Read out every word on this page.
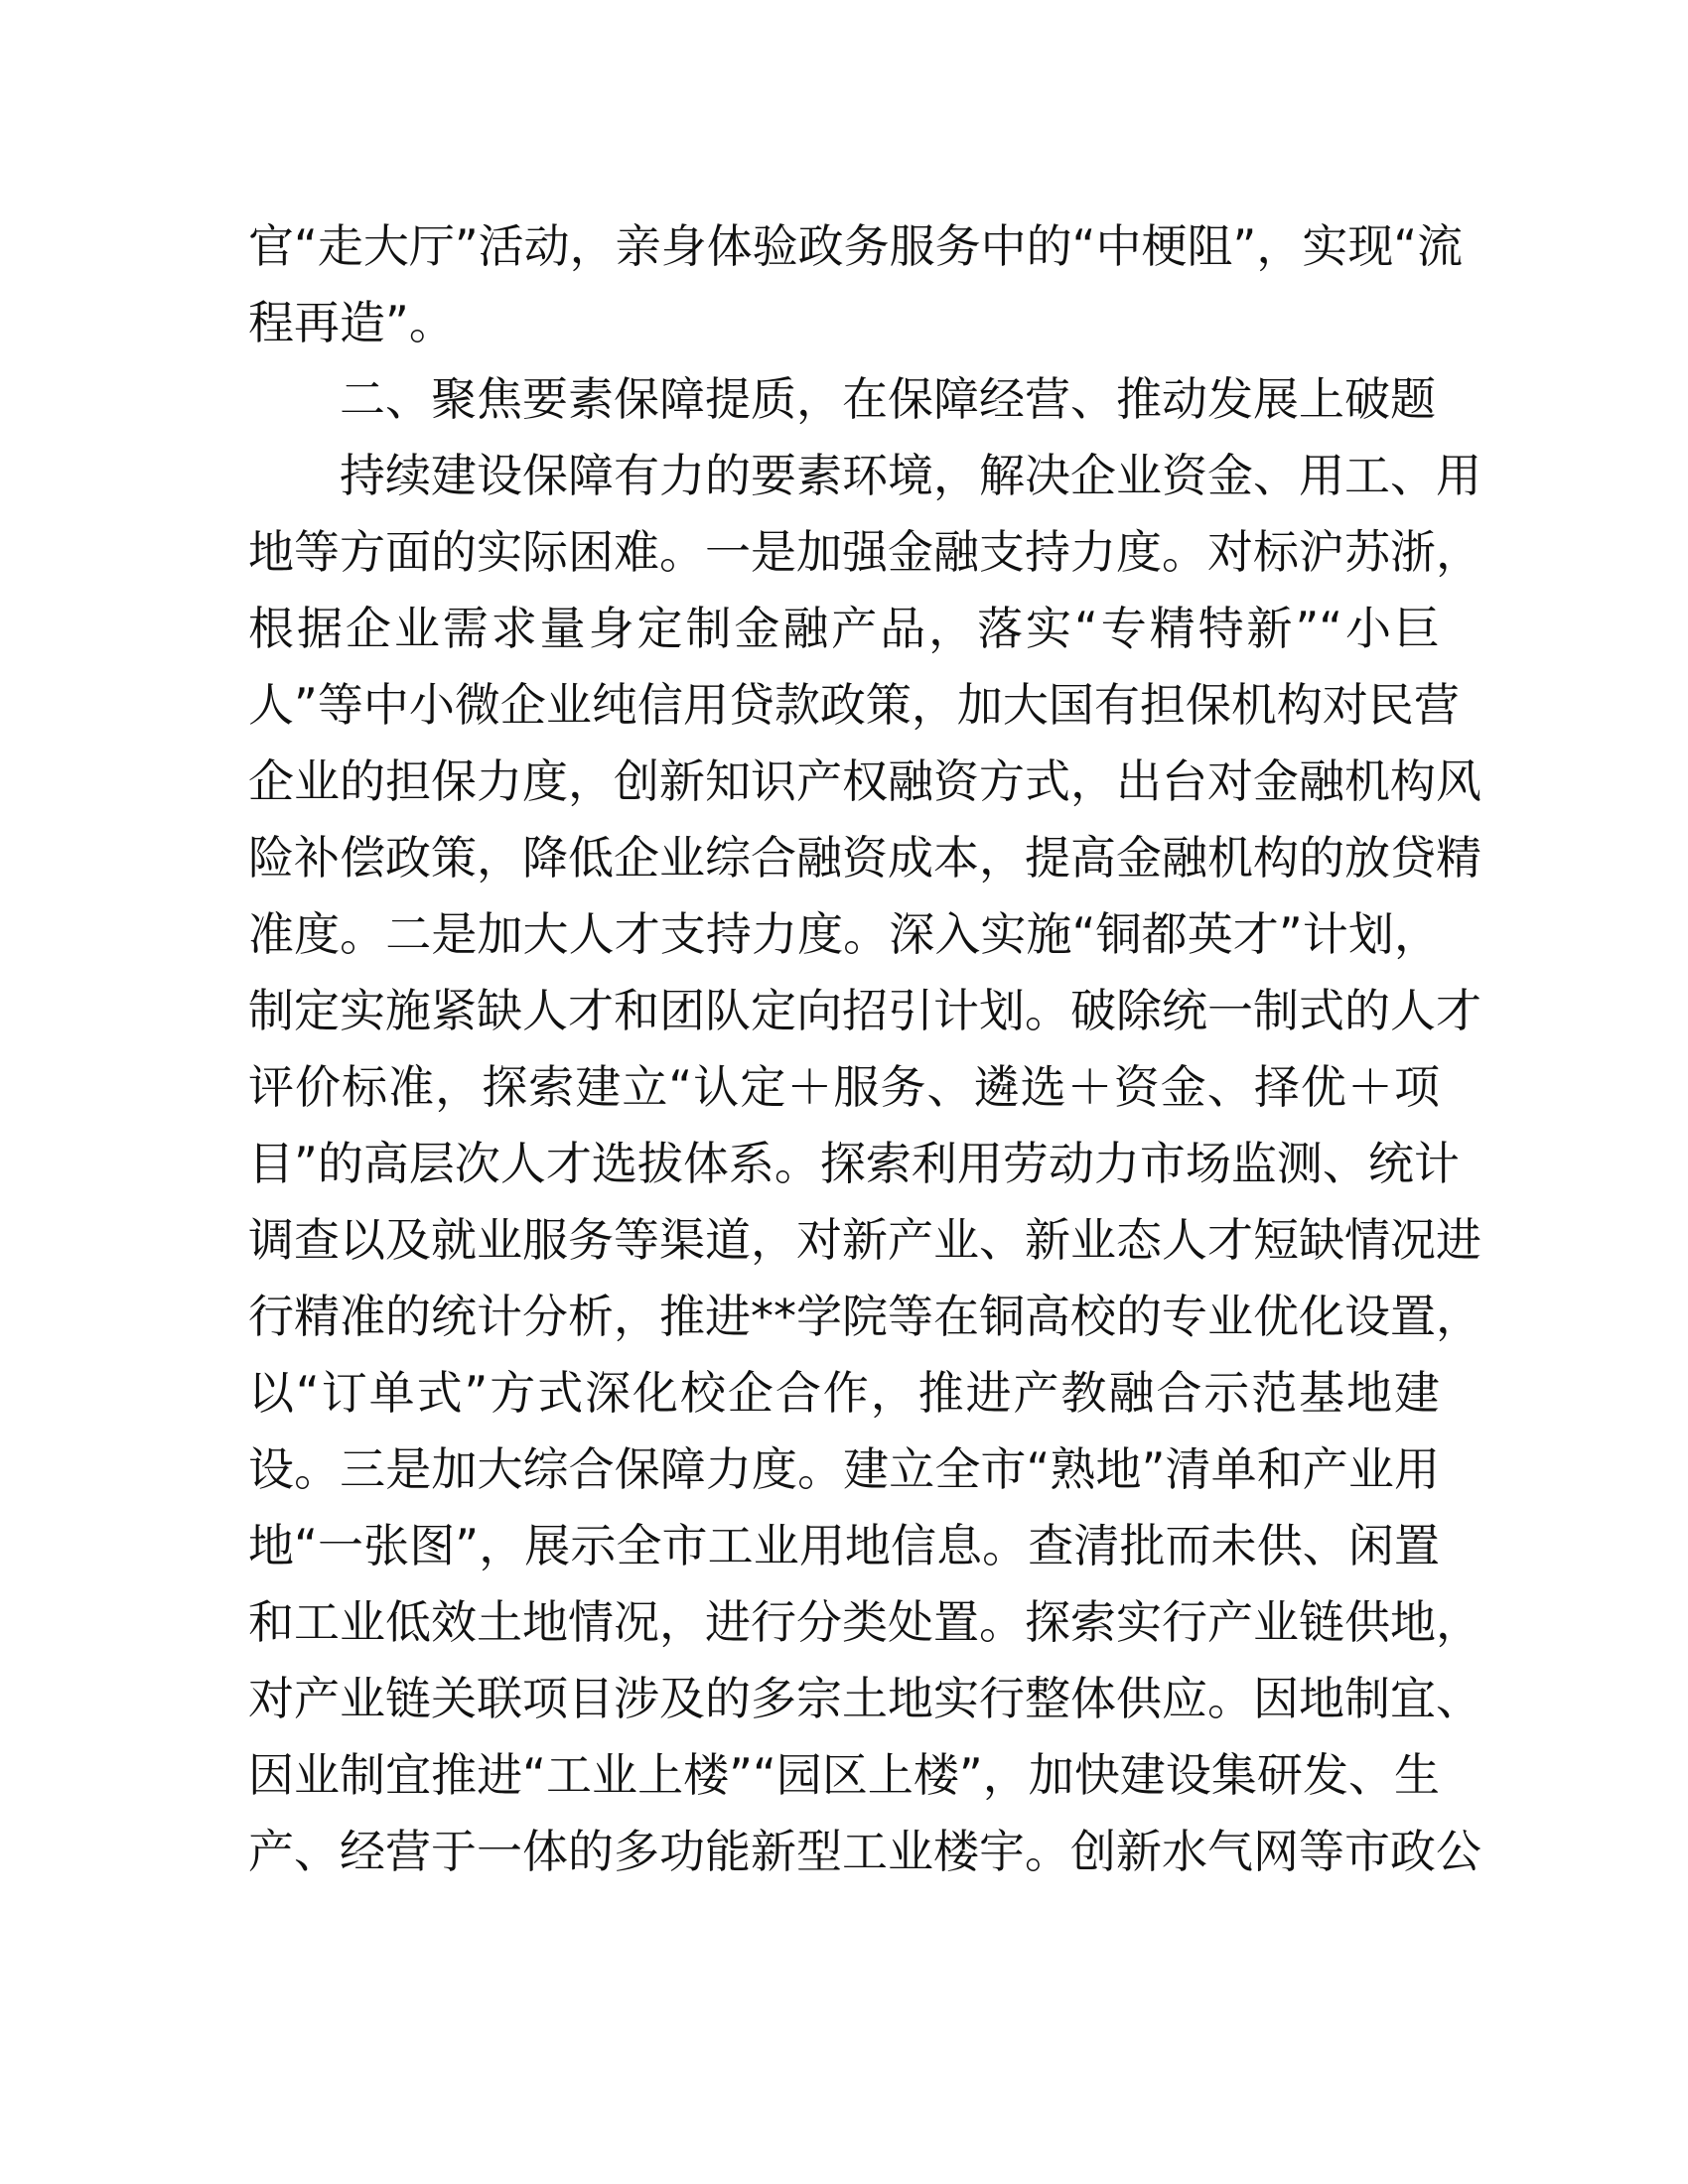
官“走大厅”活动，亲身体验政务服务中的“中梗阻”，实现“流
程再造”。
二、聚焦要素保障提质，在保障经营、推动发展上破题
持续建设保障有力的要素环境，解决企业资金、用工、用
地等方面的实际困难。一是加强金融支持力度。对标沪苏浙，
根据企业需求量身定制金融产品，落实“专精特新”“小巨
人”等中小微企业纯信用贷款政策，加大国有担保机构对民营
企业的担保力度，创新知识产权融资方式，出台对金融机构风
险补偿政策，降低企业综合融资成本，提高金融机构的放贷精
准度。二是加大人才支持力度。深入实施“铜都英才”计划，
制定实施紧缺人才和团队定向招引计划。破除统一制式的人才
评价标准，探索建立“认定＋服务、遴选＋资金、择优＋项
目”的高层次人才选拔体系。探索利用劳动力市场监测、统计
调查以及就业服务等渠道，对新产业、新业态人才短缺情况进
行精准的统计分析，推进**学院等在铜高校的专业优化设置，
以“订单式”方式深化校企合作，推进产教融合示范基地建
设。三是加大综合保障力度。建立全市“熟地”清单和产业用
地“一张图”，展示全市工业用地信息。查清批而未供、闲置
和工业低效土地情况，进行分类处置。探索实行产业链供地，
对产业链关联项目涉及的多宗土地实行整体供应。因地制宜、
因业制宜推进“工业上楼”“园区上楼”，加快建设集研发、生
产、经营于一体的多功能新型工业楼宇。创新水气网等市政公
